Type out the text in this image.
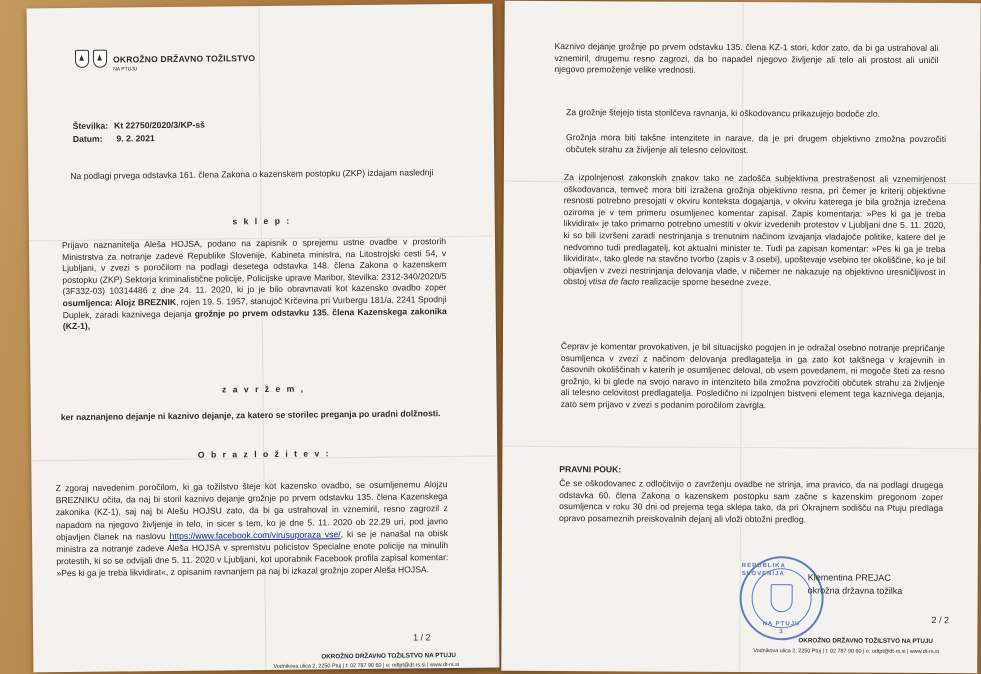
OKROŽNO DRŽAVNO TOŽILSTVO
NA PTUJU
Številka: Kt 22750/2020/3/KP-sš
Datum: 9. 2. 2021
Na podlagi prvega odstavka 161. člena Zakona o kazenskem postopku (ZKP) izdajam naslednji
s k l e p :
Prijavo naznanitelja Aleša HOJSA, podano na zapisnik o sprejemu ustne ovadbe v prostorih Ministrstva za notranje zadeve Republike Slovenije, Kabineta ministra, na Litostrojski cesti 54, v Ljubljani, v zvezi s poročilom na podlagi desetega odstavka 148. člena Zakona o kazenskem postopku (ZKP) Sektorja kriminalistične policije, Policijske uprave Maribor, številka: 2312-340/2020/5 (3F332-03) 10314486 z dne 24. 11. 2020, ki jo je bilo obravnavati kot kazensko ovadbo zoper osumljenca: Alojz BREZNIK, rojen 19. 5. 1957, stanujoč Krčevina pri Vurbergu 181/a, 2241 Spodnji Duplek, zaradi kaznivega dejanja grožnje po prvem odstavku 135. člena Kazenskega zakonika (KZ-1),
z a v r ž e m ,
ker naznanjeno dejanje ni kaznivo dejanje, za katero se storilec preganja po uradni dolžnosti.
O b r a z l o ž i t e v :
Z zgoraj navedenim poročilom, ki ga tožilstvo šteje kot kazensko ovadbo, se osumljenemu Alojzu BREZNIKU očita, da naj bi storil kaznivo dejanje grožnje po prvem odstavku 135. člena Kazenskega zakonika (KZ-1), saj naj bi Alešu HOJSU zato, da bi ga ustrahoval in vznemiril, resno zagrozil z napadom na njegovo življenje in telo, in sicer s tem, ko je dne 5. 11. 2020 ob 22.29 uri, pod javno objavljen članek na naslovu https://www.facebook.com/virusuporaza vse/, ki se je nanašal na obisk ministra za notranje zadeve Aleša HOJSA v spremstvu policistov Specialne enote policije na minulih protestih, ki so se odvijali dne 5. 11. 2020 v Ljubljani, kot uporabnik Facebook profila zapisal komentar: »Pes ki ga je treba likvidirat«, z opisanim ravnanjem pa naj bi izkazal grožnjo zoper Aleša HOJSA.
1 / 2
OKROŽNO DRŽAVNO TOŽILSTVO NA PTUJU
Vodnikova ulica 2, 2250 Ptuj | t: 02 787 90 60 | e: odtpt@dt-rs.si | www.dt-rs.si
Kaznivo dejanje grožnje po prvem odstavku 135. člena KZ-1 stori, kdor zato, da bi ga ustrahoval ali vznemiril, drugemu resno zagrozi, da bo napadel njegovo življenje ali telo ali prostost ali uničil njegovo premoženje velike vrednosti.
Za grožnje štejejo tista storilčeva ravnanja, ki oškodovancu prikazujejo bodoče zlo.
Grožnja mora biti takšne intenzitete in narave, da je pri drugem objektivno zmožna povzročiti občutek strahu za življenje ali telesno celovitost.
Za izpolnjenost zakonskih znakov tako ne zadošča subjektivna prestrašenost ali vznemirjenost oškodovanca, temveč mora biti izražena grožnja objektivno resna, pri čemer je kriterij objektivne resnosti potrebno presojati v okviru konteksta dogajanja, v okviru katerega je bila grožnja izrečena oziroma je v tem primeru osumljenec komentar zapisal. Zapis komentarja: »Pes ki ga je treba likvidirat« je tako primarno potrebno umestiti v okvir izvedenih protestov v Ljubljani dne 5. 11. 2020, ki so bili izvršeni zaradi nestrinjanja s trenutnim načinom izvajanja vladajoče politike, katere del je nedvomno tudi predlagatelj, kot aktualni minister te. Tudi pa zapisan komentar: »Pes ki ga je treba likvidirat«, tako glede na stavčno tvorbo (zapis v 3 osebi), upoštevaje vsebino ter okoliščine, ko je bil objavljen v zvezi nestrinjanja delovanja vlade, v ničemer ne nakazuje na objektivno uresničljivost in obstoj vtisa de facto realizacije sporne besedne zveze.
Čeprav je komentar provokativen, je bil situacijsko pogojen in je odražal osebno notranje prepričanje osumljenca v zvezi z načinom delovanja predlagatelja in ga zato kot takšnega v krajevnih in časovnih okoliščinah v katerih je osumljenec deloval, ob vsem povedanem, ni mogoče šteti za resno grožnjo, ki bi glede na svojo naravo in intenziteto bila zmožna povzročiti občutek strahu za življenje ali telesno celovitost predlagatelja. Posledično ni izpolnjen bistveni element tega kaznivega dejanja, zato sem prijavo v zvezi s podanim poročilom zavrgla.
PRAVNI POUK:
Če se oškodovanec z odločitvijo o zavrženju ovadbe ne strinja, ima pravico, da na podlagi drugega odstavka 60. člena Zakona o kazenskem postopku sam začne s kazenskim pregonom zoper osumljenca v roku 30 dni od prejema tega sklepa tako, da pri Okrajnem sodišču na Ptuju predlaga opravo posameznih preiskovalnih dejanj ali vloži obtožni predlog.
REPUBLIKA SLOVENIJA
NA PTUJU
3
Klementina PREJAC
okrožna državna tožilka
2 / 2
OKROŽNO DRŽAVNO TOŽILSTVO NA PTUJU
Vodnikova ulica 2, 2250 Ptuj | t: 02 787 90 60 | e: odtpt@dt-rs.si | www.dt-rs.si
